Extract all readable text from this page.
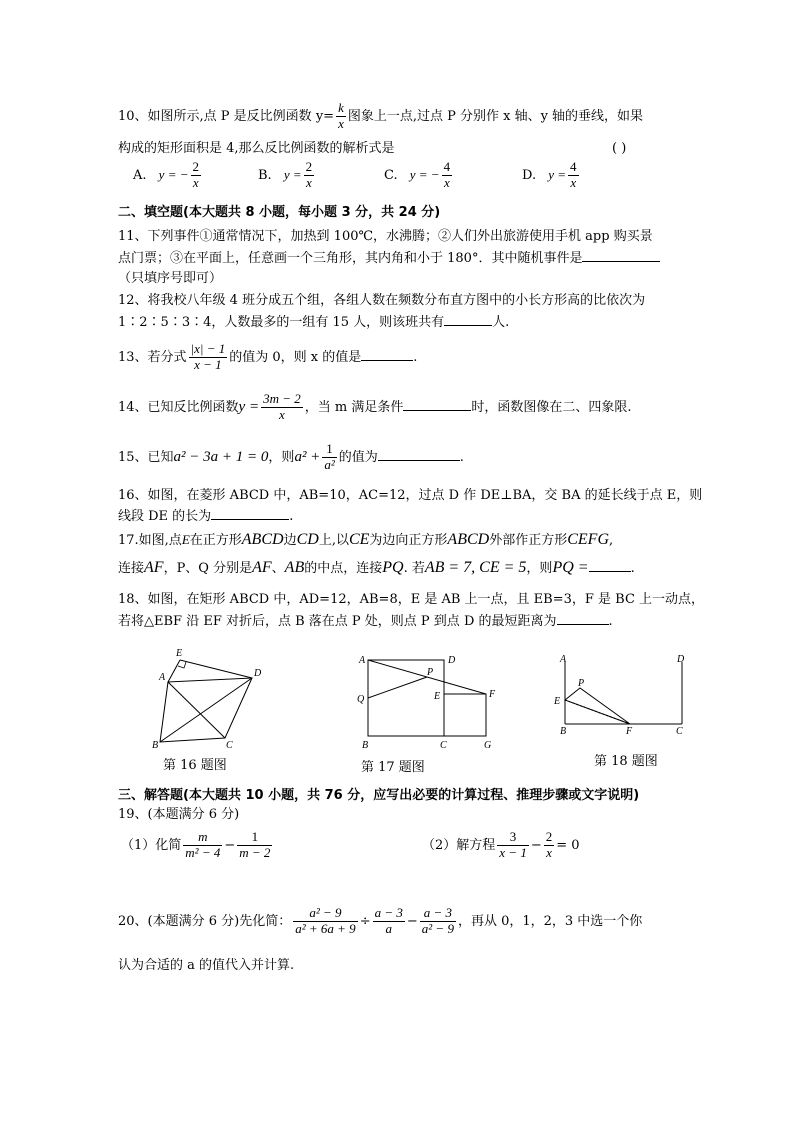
10、如图所示,点 P 是反比例函数 $y= \frac{k}{x}$ 图象上一点,过点 P 分别作 x 轴、y 轴的垂线，如果
构成的矩形面积是 4,那么反比例函数的解析式是	( )
A. y = − $\frac{2}{x}$	B. $y = \frac{2}{x}$	C. y = − $\frac{4}{x}$	D. $y = \frac{4}{x}$
二、填空题(本大题共 8 小题，每小题 3 分，共 24 分)
11、下列事件①通常情况下，加热到 100℃，水沸腾；②人们外出旅游使用手机 app 购买景
点门票；③在平面上，任意画一个三角形，其内角和小于 180°．其中随机事件是
（只填序号即可）
12、将我校八年级 4 班分成五个组，各组人数在频数分布直方图中的小长方形高的比依次为
1∶2∶5∶3∶4，人数最多的一组有 15 人，则该班共有	人.
13、若分式 $\frac{|x| - 1}{x - 1}$ 的值为 0，则 x 的值是	.
14、已知反比例函数$y = \frac{3m - 2}{x}$ ，当 m 满足条件	时，函数图像在二、四象限.
15、已知a² − 3a + 1 = 0，则$a^2 + \frac{1}{\text{a²}}$ 的值为	.
16、如图，在菱形 ABCD 中，AB=10，AC=12，过点 D 作 DE⊥BA，交 BA 的延长线于点 E，则
线段 DE 的长为	.
17.如图,点E在正方形ABCD边CD上,以CE为边向正方形ABCD外部作正方形CEFG,
连接AF，P、Q 分别是AF、AB的中点，连接PQ. 若AB = 7, CE = 5，则PQ =	.
18、如图，在矩形 ABCD 中，AD=12，AB=8，E 是 AB 上一点，且 EB=3，F 是 BC 上一动点，
若将△EBF 沿 EF 对折后，点 B 落在点 P 处，则点 P 到点 D 的最短距离为	.
E
A	D
B	C
第 16 题图
A	D
P
E	F
Q
B	C	G
第 17 题图
A	D
P
E
F
B	C
第 18 题图
三、解答题(本大题共 10 小题，共 76 分，应写出必要的计算过程、推理步骤或文字说明)
19、(本题满分 6 分)
（1）化简 $\frac{m}{\text{m² − 4}} - \frac{1}{m - 2}$	（2）解方程 $\frac{3}{x - 1} - \frac{2}{x} = 0$
20、(本题满分 6 分)先化简： $\frac{\text{a² − 9}}{\text{a² + 6a + 9}} \div \frac{a - 3}{a} - \frac{a - 3}{\text{a² − 9}}$ ，再从 0，1，2，3 中选一个你
认为合适的 a 的值代入并计算.
